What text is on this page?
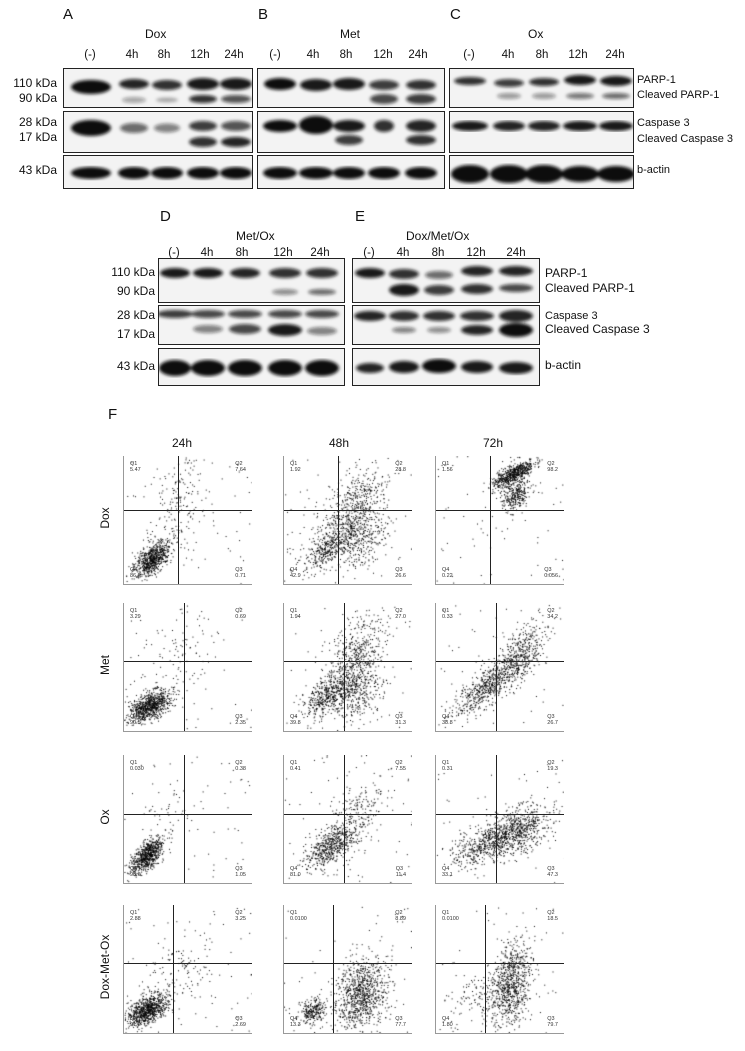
A	B	C
Dox	Met	Ox
(-)	4h	8h	12h	24h	(-)	4h	8h	12h	24h	(-)	4h	8h	12h	24h
110 kDa
90 kDa
28 kDa
17 kDa
43 kDa
PARP-1
Cleaved PARP-1
Caspase 3
Cleaved Caspase 3
b-actin
D	E
Met/Ox	Dox/Met/Ox
(-)	4h	8h	12h	24h	(-)	4h	8h	12h	24h
110 kDa
90 kDa
28 kDa
17 kDa
43 kDa
PARP-1
Cleaved PARP-1
Caspase 3
Cleaved Caspase 3
b-actin
F
24h	48h	72h
Dox
Q1
5.47
Q2
7.64
Q4
86.2
Q3
0.71
Q1
1.92
Q2
28.8
Q4
42.9
Q3
26.6
Q1
1.56
Q2
98.2
Q4
0.22
Q3
0.056
Met
Q1
3.29
Q2
0.69
Q4
90.5
Q3
2.35
Q1
1.94
Q2
27.0
Q4
39.8
Q3
31.3
Q1
0.33
Q2
34.2
Q4
38.8
Q3
26.7
Ox
Q1
0.030
Q2
0.38
Q4
98.6
Q3
1.05
Q1
0.41
Q2
7.55
Q4
81.0
Q3
11.4
Q1
0.31
Q2
19.3
Q4
33.1
Q3
47.3
Dox-Met-Ox
Q1
2.88
Q2
3.25
Q4
91.2
Q3
2.69
Q1
0.0100
Q2
8.89
Q4
13.3
Q3
77.7
Q1
0.0100
Q2
18.5
Q4
1.80
Q3
79.7
